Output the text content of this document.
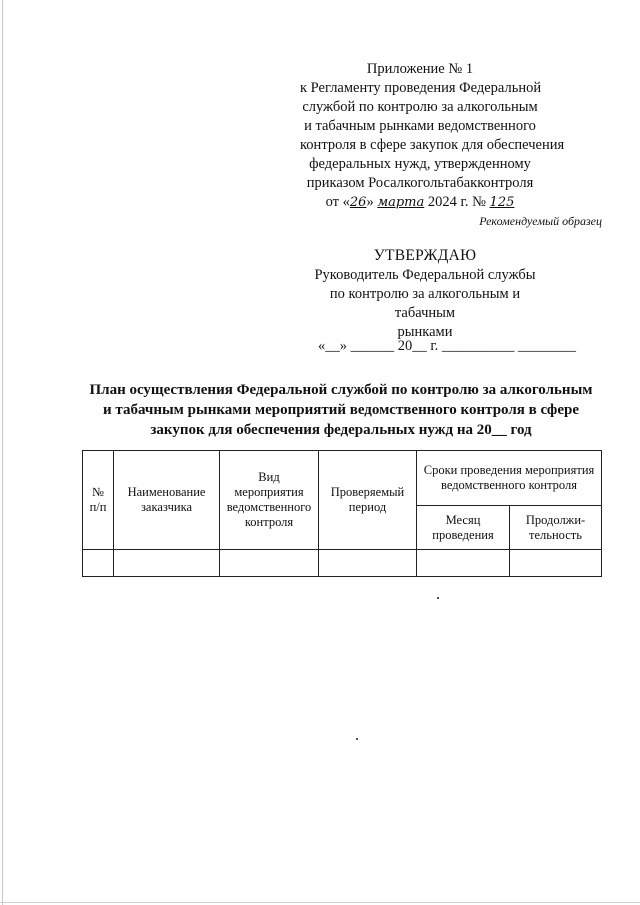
Приложение № 1
к Регламенту проведения Федеральной
службой по контролю за алкогольным
и табачным рынками ведомственного
контроля в сфере закупок для обеспечения
федеральных нужд, утвержденному
приказом Росалкогольтабакконтроля
от «26» марта 2024 г. № 125
Рекомендуемый образец
УТВЕРЖДАЮ
Руководитель Федеральной службы
по контролю за алкогольным и табачным
рынками
«__» ______ 20__ г. __________ ________
План осуществления Федеральной службой по контролю за алкогольным
и табачным рынками мероприятий ведомственного контроля в сфере
закупок для обеспечения федеральных нужд на 20__ год
№ п/п	Наименование заказчика	Вид мероприятия ведомственного контроля	Проверяемый период	Сроки проведения мероприятия ведомственного контроля	
				Месяц проведения	Продолжи-тельность
